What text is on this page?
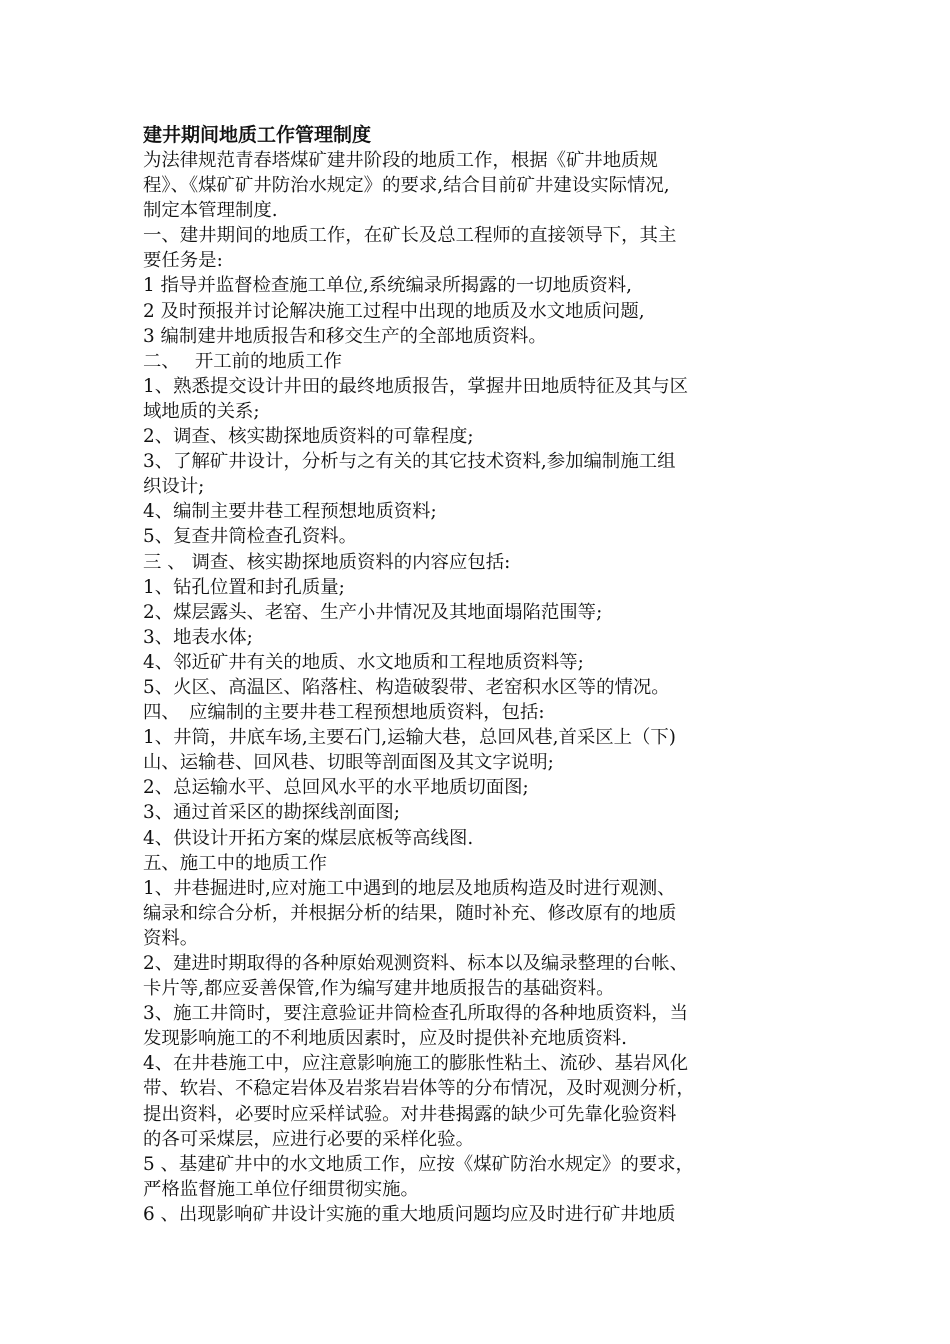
建井期间地质工作管理制度
为法律规范青春塔煤矿建井阶段的地质工作，根据《矿井地质规
程》、《煤矿矿井防治水规定》的要求,结合目前矿井建设实际情况,
制定本管理制度.
一、建井期间的地质工作，在矿长及总工程师的直接领导下，其主
要任务是:
1 指导并监督检查施工单位,系统编录所揭露的一切地质资料,
2 及时预报并讨论解决施工过程中出现的地质及水文地质问题,
3 编制建井地质报告和移交生产的全部地质资料。
二、　 开工前的地质工作
1、熟悉提交设计井田的最终地质报告，掌握井田地质特征及其与区
域地质的关系;
2、调查、核实勘探地质资料的可靠程度;
3、了解矿井设计，分析与之有关的其它技术资料,参加编制施工组
织设计;
4、编制主要井巷工程预想地质资料;
5、复查井筒检查孔资料。
三 、 调查、核实勘探地质资料的内容应包括:
1、钻孔位置和封孔质量;
2、煤层露头、老窑、生产小井情况及其地面塌陷范围等;
3、地表水体;
4、邻近矿井有关的地质、水文地质和工程地质资料等;
5、火区、高温区、陷落柱、构造破裂带、老窑积水区等的情况。
四、　应编制的主要井巷工程预想地质资料，包括:
1、井筒，井底车场,主要石门,运输大巷，总回风巷,首采区上（下)
山、运输巷、回风巷、切眼等剖面图及其文字说明;
2、总运输水平、总回风水平的水平地质切面图;
3、通过首采区的勘探线剖面图;
4、供设计开拓方案的煤层底板等高线图.
五、施工中的地质工作
1、井巷掘进时,应对施工中遇到的地层及地质构造及时进行观测、
编录和综合分析，并根据分析的结果，随时补充、修改原有的地质
资料。
2、建进时期取得的各种原始观测资料、标本以及编录整理的台帐、
卡片等,都应妥善保管,作为编写建井地质报告的基础资料。
3、施工井筒时，要注意验证井筒检查孔所取得的各种地质资料，当
发现影响施工的不利地质因素时，应及时提供补充地质资料.
4、在井巷施工中，应注意影响施工的膨胀性粘土、流砂、基岩风化
带、软岩、不稳定岩体及岩浆岩岩体等的分布情况，及时观测分析，
提出资料，必要时应采样试验。对井巷揭露的缺少可先靠化验资料
的各可采煤层，应进行必要的采样化验。
5 、基建矿井中的水文地质工作，应按《煤矿防治水规定》的要求，
严格监督施工单位仔细贯彻实施。
6 、出现影响矿井设计实施的重大地质问题均应及时进行矿井地质
